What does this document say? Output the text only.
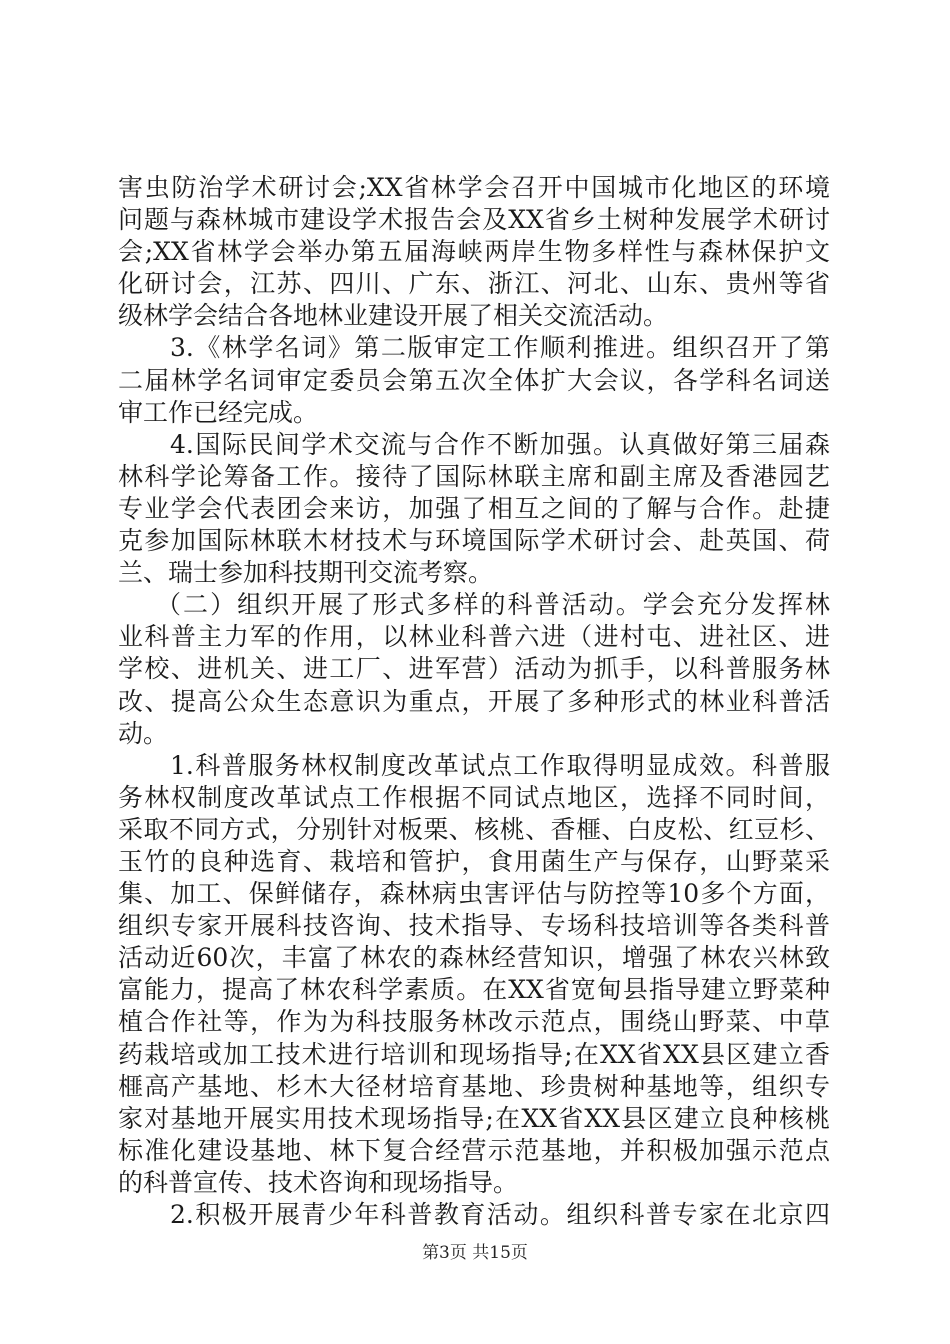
害虫防治学术研讨会;XX省林学会召开中国城市化地区的环境
问题与森林城市建设学术报告会及XX省乡土树种发展学术研讨
会;XX省林学会举办第五届海峡两岸生物多样性与森林保护文
化研讨会，江苏、四川、广东、浙江、河北、山东、贵州等省
级林学会结合各地林业建设开展了相关交流活动。
3.《林学名词》第二版审定工作顺利推进。组织召开了第
二届林学名词审定委员会第五次全体扩大会议，各学科名词送
审工作已经完成。
4.国际民间学术交流与合作不断加强。认真做好第三届森
林科学论筹备工作。接待了国际林联主席和副主席及香港园艺
专业学会代表团会来访，加强了相互之间的了解与合作。赴捷
克参加国际林联木材技术与环境国际学术研讨会、赴英国、荷
兰、瑞士参加科技期刊交流考察。
（二）组织开展了形式多样的科普活动。学会充分发挥林
业科普主力军的作用，以林业科普六进（进村屯、进社区、进
学校、进机关、进工厂、进军营）活动为抓手，以科普服务林
改、提高公众生态意识为重点，开展了多种形式的林业科普活
动。
1.科普服务林权制度改革试点工作取得明显成效。科普服
务林权制度改革试点工作根据不同试点地区，选择不同时间，
采取不同方式，分别针对板栗、核桃、香榧、白皮松、红豆杉、
玉竹的良种选育、栽培和管护，食用菌生产与保存，山野菜采
集、加工、保鲜储存，森林病虫害评估与防控等10多个方面，
组织专家开展科技咨询、技术指导、专场科技培训等各类科普
活动近60次，丰富了林农的森林经营知识，增强了林农兴林致
富能力，提高了林农科学素质。在XX省宽甸县指导建立野菜种
植合作社等，作为为科技服务林改示范点，围绕山野菜、中草
药栽培或加工技术进行培训和现场指导;在XX省XX县区建立香
榧高产基地、杉木大径材培育基地、珍贵树种基地等，组织专
家对基地开展实用技术现场指导;在XX省XX县区建立良种核桃
标准化建设基地、林下复合经营示范基地，并积极加强示范点
的科普宣传、技术咨询和现场指导。
2.积极开展青少年科普教育活动。组织科普专家在北京四
第3页 共15页
